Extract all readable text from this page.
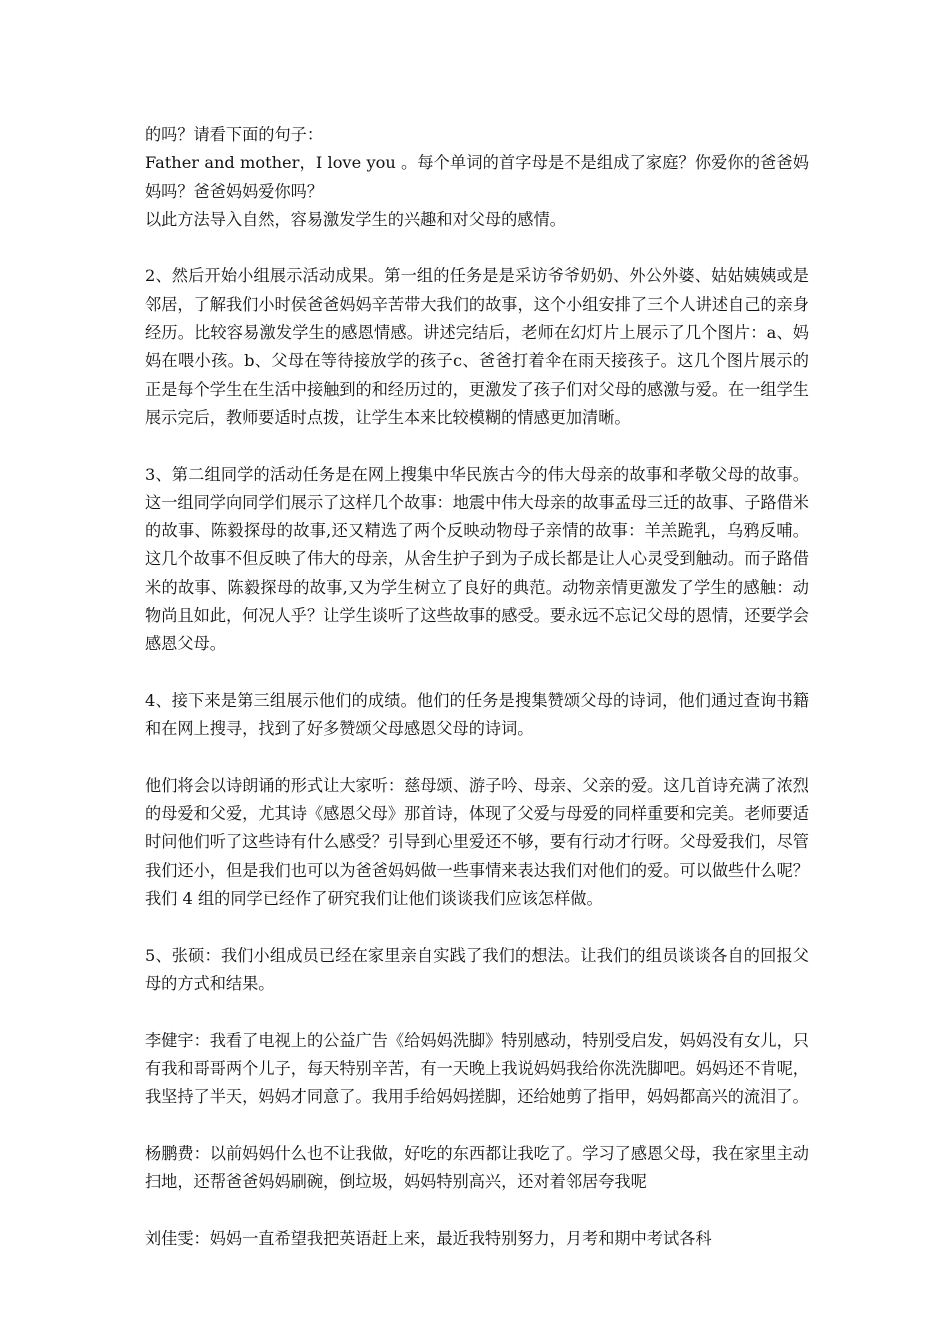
的吗？请看下面的句子：

Father and mother，I love you 。每个单词的首字母是不是组成了家庭？你爱你的爸爸妈妈吗？爸爸妈妈爱你吗？

以此方法导入自然，容易激发学生的兴趣和对父母的感情。

2、然后开始小组展示活动成果。第一组的任务是是采访爷爷奶奶、外公外婆、姑姑姨姨或是邻居，了解我们小时侯爸爸妈妈辛苦带大我们的故事，这个小组安排了三个人讲述自己的亲身经历。比较容易激发学生的感恩情感。讲述完结后，老师在幻灯片上展示了几个图片：a、妈妈在喂小孩。b、父母在等待接放学的孩子c、爸爸打着伞在雨天接孩子。这几个图片展示的正是每个学生在生活中接触到的和经历过的，更激发了孩子们对父母的感激与爱。在一组学生展示完后，教师要适时点拨，让学生本来比较模糊的情感更加清晰。

3、第二组同学的活动任务是在网上搜集中华民族古今的伟大母亲的故事和孝敬父母的故事。这一组同学向同学们展示了这样几个故事：地震中伟大母亲的故事孟母三迁的故事、子路借米的故事、陈毅探母的故事,还又精选了两个反映动物母子亲情的故事：羊羔跪乳，乌鸦反哺。这几个故事不但反映了伟大的母亲，从舍生护子到为子成长都是让人心灵受到触动。而子路借米的故事、陈毅探母的故事,又为学生树立了良好的典范。动物亲情更激发了学生的感触：动物尚且如此，何况人乎？让学生谈听了这些故事的感受。要永远不忘记父母的恩情，还要学会感恩父母。

4、接下来是第三组展示他们的成绩。他们的任务是搜集赞颂父母的诗词，他们通过查询书籍和在网上搜寻，找到了好多赞颂父母感恩父母的诗词。

他们将会以诗朗诵的形式让大家听：慈母颂、游子吟、母亲、父亲的爱。这几首诗充满了浓烈的母爱和父爱，尤其诗《感恩父母》那首诗，体现了父爱与母爱的同样重要和完美。老师要适时问他们听了这些诗有什么感受？引导到心里爱还不够，要有行动才行呀。父母爱我们，尽管我们还小，但是我们也可以为爸爸妈妈做一些事情来表达我们对他们的爱。可以做些什么呢？我们 4 组的同学已经作了研究我们让他们谈谈我们应该怎样做。

5、张硕：我们小组成员已经在家里亲自实践了我们的想法。让我们的组员谈谈各自的回报父母的方式和结果。

李健宇：我看了电视上的公益广告《给妈妈洗脚》特别感动，特别受启发，妈妈没有女儿，只有我和哥哥两个儿子，每天特别辛苦，有一天晚上我说妈妈我给你洗洗脚吧。妈妈还不肯呢，我坚持了半天，妈妈才同意了。我用手给妈妈搓脚，还给她剪了指甲，妈妈都高兴的流泪了。

杨鹏费：以前妈妈什么也不让我做，好吃的东西都让我吃了。学习了感恩父母，我在家里主动扫地，还帮爸爸妈妈刷碗，倒垃圾，妈妈特别高兴，还对着邻居夸我呢

刘佳雯：妈妈一直希望我把英语赶上来，最近我特别努力，月考和期中考试各科
